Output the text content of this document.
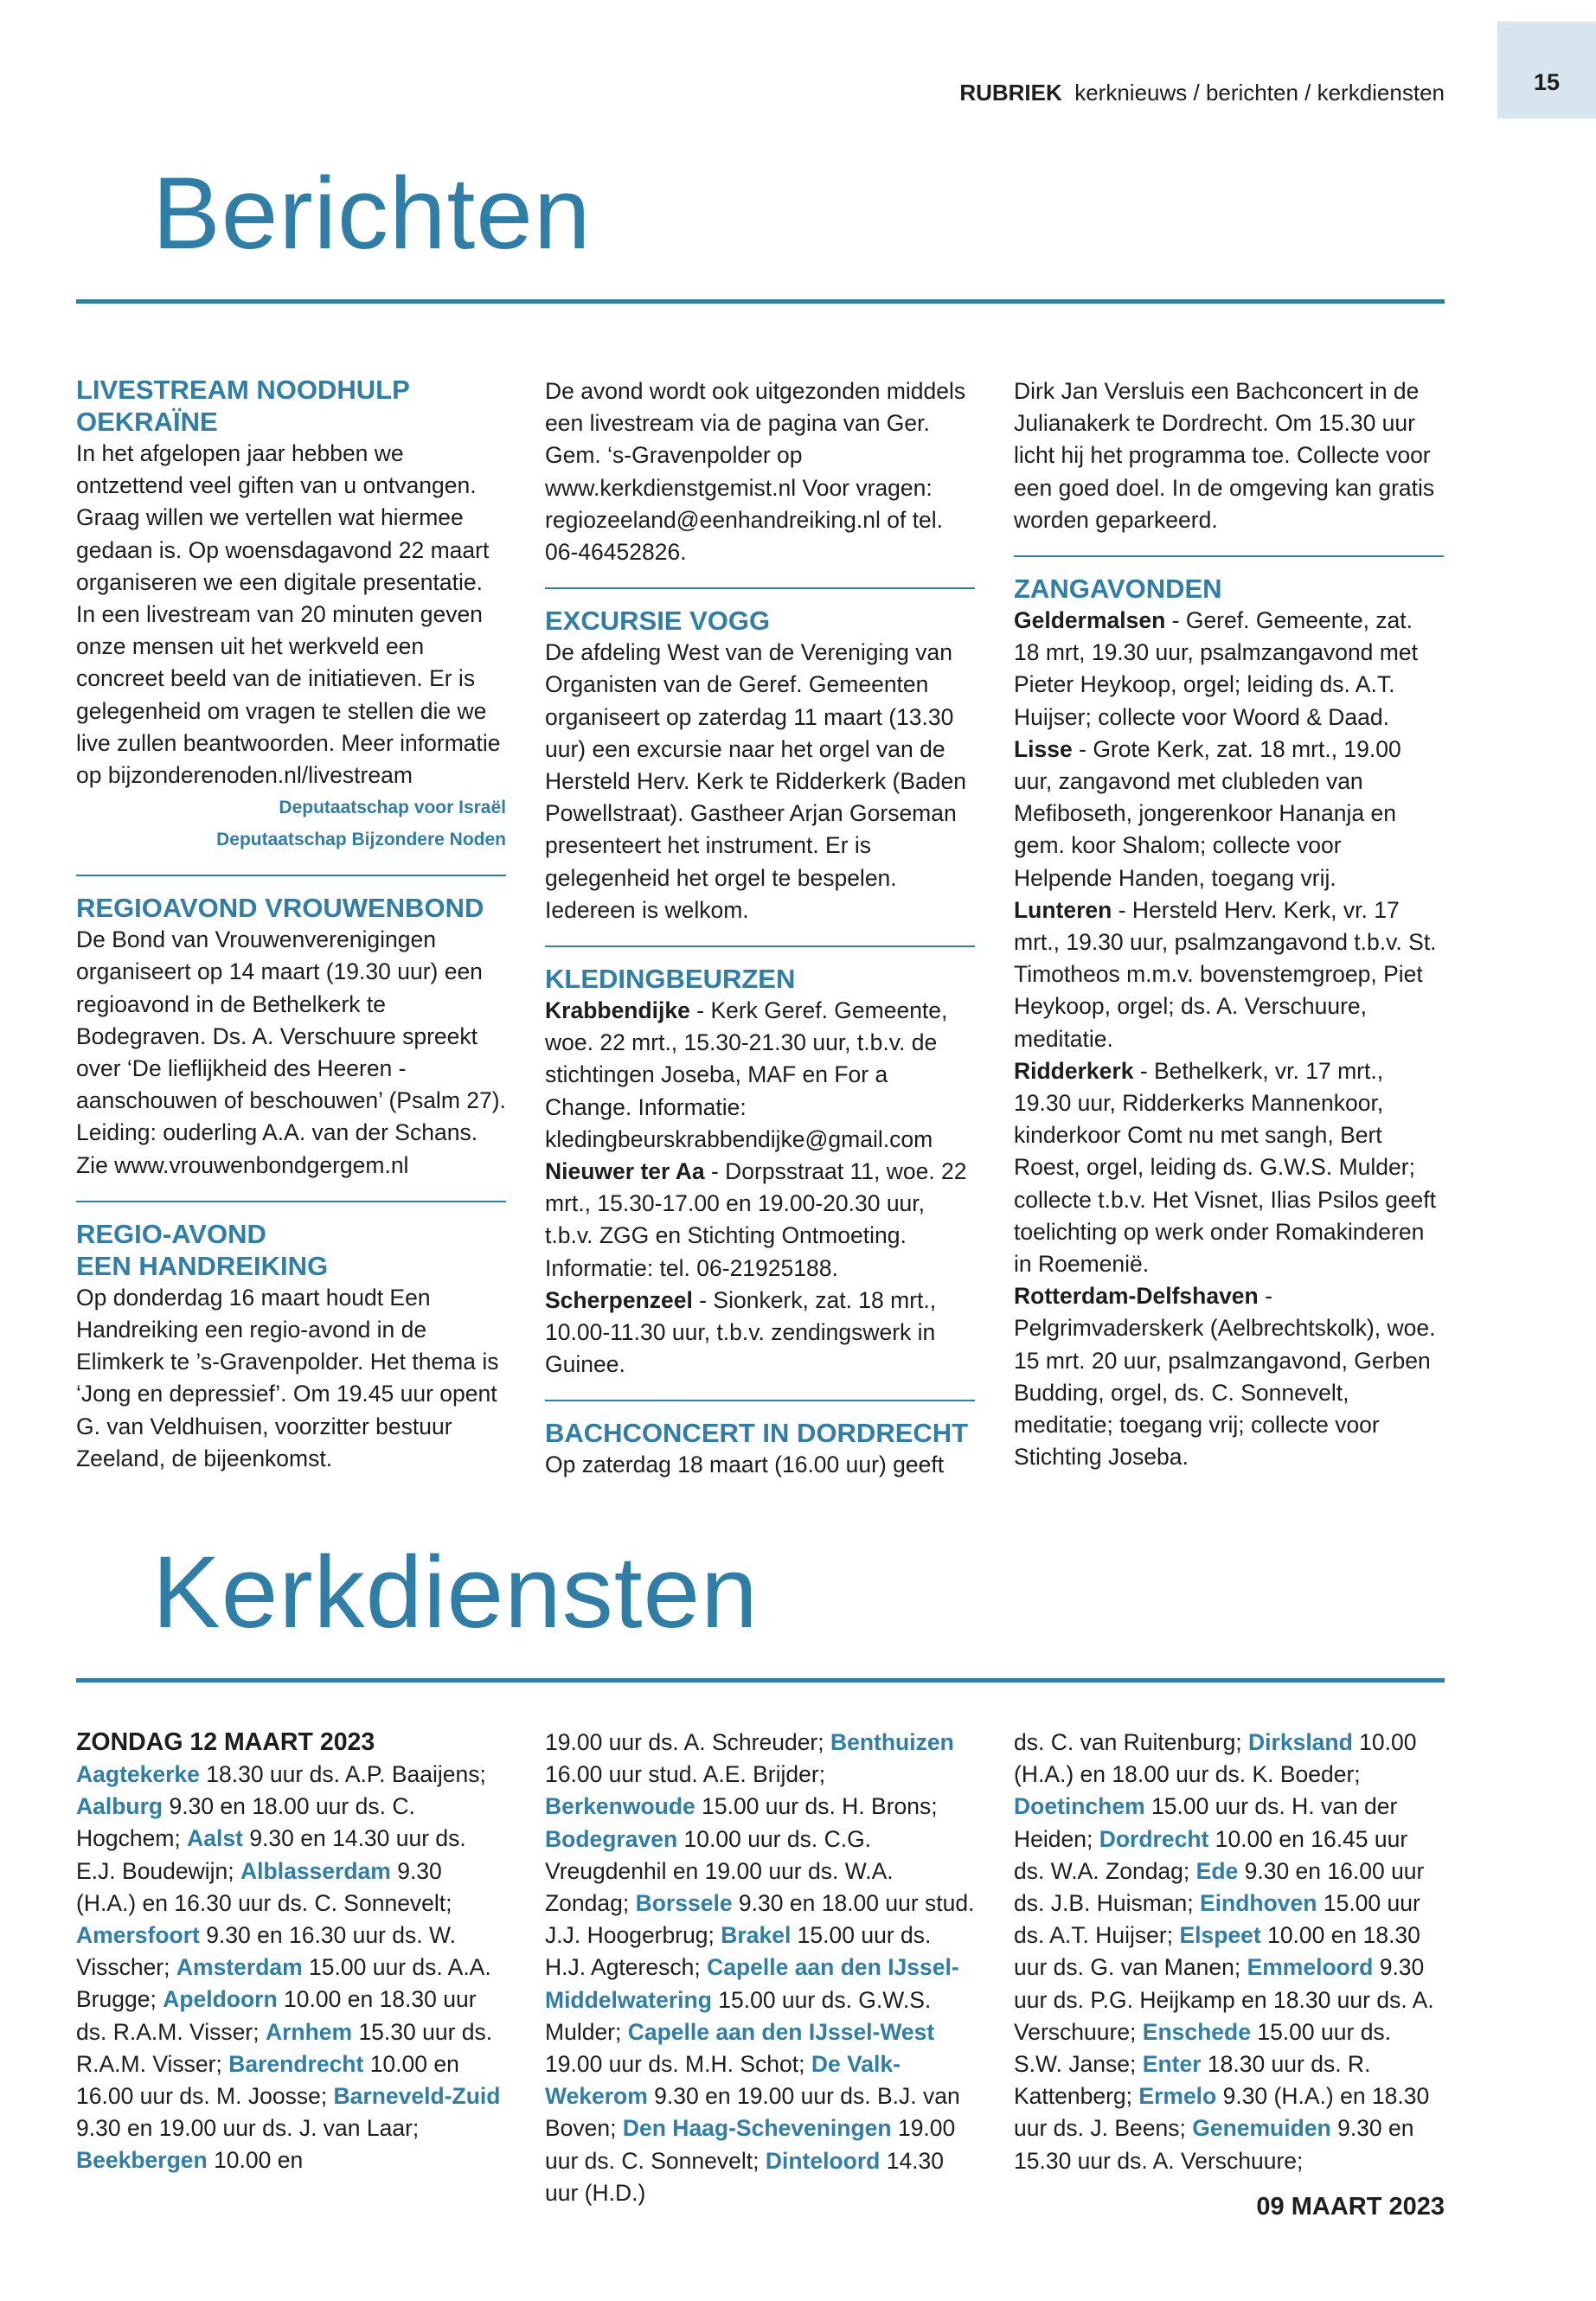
15
RUBRIEK kerknieuws / berichten / kerkdiensten
Berichten
LIVESTREAM NOODHULP OEKRAÏNE

In het afgelopen jaar hebben we ontzettend veel giften van u ontvangen. Graag willen we vertellen wat hiermee gedaan is. Op woensdagavond 22 maart organiseren we een digitale presentatie. In een livestream van 20 minuten geven onze mensen uit het werkveld een concreet beeld van de initiatieven. Er is gelegenheid om vragen te stellen die we live zullen beantwoorden. Meer informatie op bijzonderenoden.nl/livestream

Deputaatschap voor Israël
Deputaatschap Bijzondere Noden
REGIOAVOND VROUWENBOND

De Bond van Vrouwenverenigingen organiseert op 14 maart (19.30 uur) een regioavond in de Bethelkerk te Bodegraven. Ds. A. Verschuure spreekt over ‘De lieflijkheid des Heeren - aanschouwen of beschouwen’ (Psalm 27). Leiding: ouderling A.A. van der Schans. Zie www.vrouwenbondgergem.nl

REGIO-AVOND
EEN HANDREIKING

Op donderdag 16 maart houdt Een Handreiking een regio-avond in de Elimkerk te ’s-Gravenpolder. Het thema is ‘Jong en depressief’. Om 19.45 uur opent G. van Veldhuisen, voorzitter bestuur Zeeland, de bijeenkomst.

De avond wordt ook uitgezonden middels een livestream via de pagina van Ger. Gem. ‘s-Gravenpolder op www.kerkdienstgemist.nl Voor vragen: regiozeeland@eenhandreiking.nl of tel. 06-46452826.

EXCURSIE VOGG

De afdeling West van de Vereniging van Organisten van de Geref. Gemeenten organiseert op zaterdag 11 maart (13.30 uur) een excursie naar het orgel van de Hersteld Herv. Kerk te Ridderkerk (Baden Powellstraat). Gastheer Arjan Gorseman presenteert het instrument. Er is gelegenheid het orgel te bespelen. Iedereen is welkom.

KLEDINGBEURZEN

Krabbendijke - Kerk Geref. Gemeente, woe. 22 mrt., 15.30-21.30 uur, t.b.v. de stichtingen Joseba, MAF en For a Change. Informatie: kledingbeurskrabbendijke@gmail.com

Nieuwer ter Aa - Dorpsstraat 11, woe. 22 mrt., 15.30-17.00 en 19.00-20.30 uur, t.b.v. ZGG en Stichting Ontmoeting. Informatie: tel. 06-21925188.

Scherpenzeel - Sionkerk, zat. 18 mrt., 10.00-11.30 uur, t.b.v. zendingswerk in Guinee.

BACHCONCERT IN DORDRECHT

Op zaterdag 18 maart (16.00 uur) geeft

Dirk Jan Versluis een Bachconcert in de Julianakerk te Dordrecht. Om 15.30 uur licht hij het programma toe. Collecte voor een goed doel. In de omgeving kan gratis worden geparkeerd.

ZANGAVONDEN

Geldermalsen - Geref. Gemeente, zat. 18 mrt, 19.30 uur, psalmzangavond met Pieter Heykoop, orgel; leiding ds. A.T. Huijser; collecte voor Woord & Daad.

Lisse - Grote Kerk, zat. 18 mrt., 19.00 uur, zangavond met clubleden van Mefiboseth, jongerenkoor Hananja en gem. koor Shalom; collecte voor Helpende Handen, toegang vrij.

Lunteren - Hersteld Herv. Kerk, vr. 17 mrt., 19.30 uur, psalmzangavond t.b.v. St. Timotheos m.m.v. bovenstemgroep, Piet Heykoop, orgel; ds. A. Verschuure, meditatie.

Ridderkerk - Bethelkerk, vr. 17 mrt., 19.30 uur, Ridderkerks Mannenkoor, kinderkoor Comt nu met sangh, Bert Roest, orgel, leiding ds. G.W.S. Mulder; collecte t.b.v. Het Visnet, Ilias Psilos geeft toelichting op werk onder Romakinderen in Roemenië.

Rotterdam-Delfshaven - Pelgrimvaderskerk (Aelbrechtskolk), woe. 15 mrt. 20 uur, psalmzangavond, Gerben Budding, orgel, ds. C. Sonnevelt, meditatie; toegang vrij; collecte voor Stichting Joseba.

Kerkdiensten
ZONDAG 12 MAART 2023

Aagtekerke 18.30 uur ds. A.P. Baaijens; Aalburg 9.30 en 18.00 uur ds. C. Hogchem; Aalst 9.30 en 14.30 uur ds. E.J. Boudewijn; Alblasserdam 9.30 (H.A.) en 16.30 uur ds. C. Sonnevelt; Amersfoort 9.30 en 16.30 uur ds. W. Visscher; Amsterdam 15.00 uur ds. A.A. Brugge; Apeldoorn 10.00 en 18.30 uur ds. R.A.M. Visser; Arnhem 15.30 uur ds. R.A.M. Visser; Barendrecht 10.00 en 16.00 uur ds. M. Joosse; Barneveld-Zuid 9.30 en 19.00 uur ds. J. van Laar; Beekbergen 10.00 en

19.00 uur ds. A. Schreuder; Benthuizen 16.00 uur stud. A.E. Brijder; Berkenwoude 15.00 uur ds. H. Brons; Bodegraven 10.00 uur ds. C.G. Vreugdenhil en 19.00 uur ds. W.A. Zondag; Borssele 9.30 en 18.00 uur stud. J.J. Hoogerbrug; Brakel 15.00 uur ds. H.J. Agteresch; Capelle aan den IJssel-Middelwatering 15.00 uur ds. G.W.S. Mulder; Capelle aan den IJssel-West 19.00 uur ds. M.H. Schot; De Valk-Wekerom 9.30 en 19.00 uur ds. B.J. van Boven; Den Haag-Scheveningen 19.00 uur ds. C. Sonnevelt; Dinteloord 14.30 uur (H.D.)

ds. C. van Ruitenburg; Dirksland 10.00 (H.A.) en 18.00 uur ds. K. Boeder; Doetinchem 15.00 uur ds. H. van der Heiden; Dordrecht 10.00 en 16.45 uur ds. W.A. Zondag; Ede 9.30 en 16.00 uur ds. J.B. Huisman; Eindhoven 15.00 uur ds. A.T. Huijser; Elspeet 10.00 en 18.30 uur ds. G. van Manen; Emmeloord 9.30 uur ds. P.G. Heijkamp en 18.30 uur ds. A. Verschuure; Enschede 15.00 uur ds. S.W. Janse; Enter 18.30 uur ds. R. Kattenberg; Ermelo 9.30 (H.A.) en 18.30 uur ds. J. Beens; Genemuiden 9.30 en 15.30 uur ds. A. Verschuure;

09 MAART 2023
